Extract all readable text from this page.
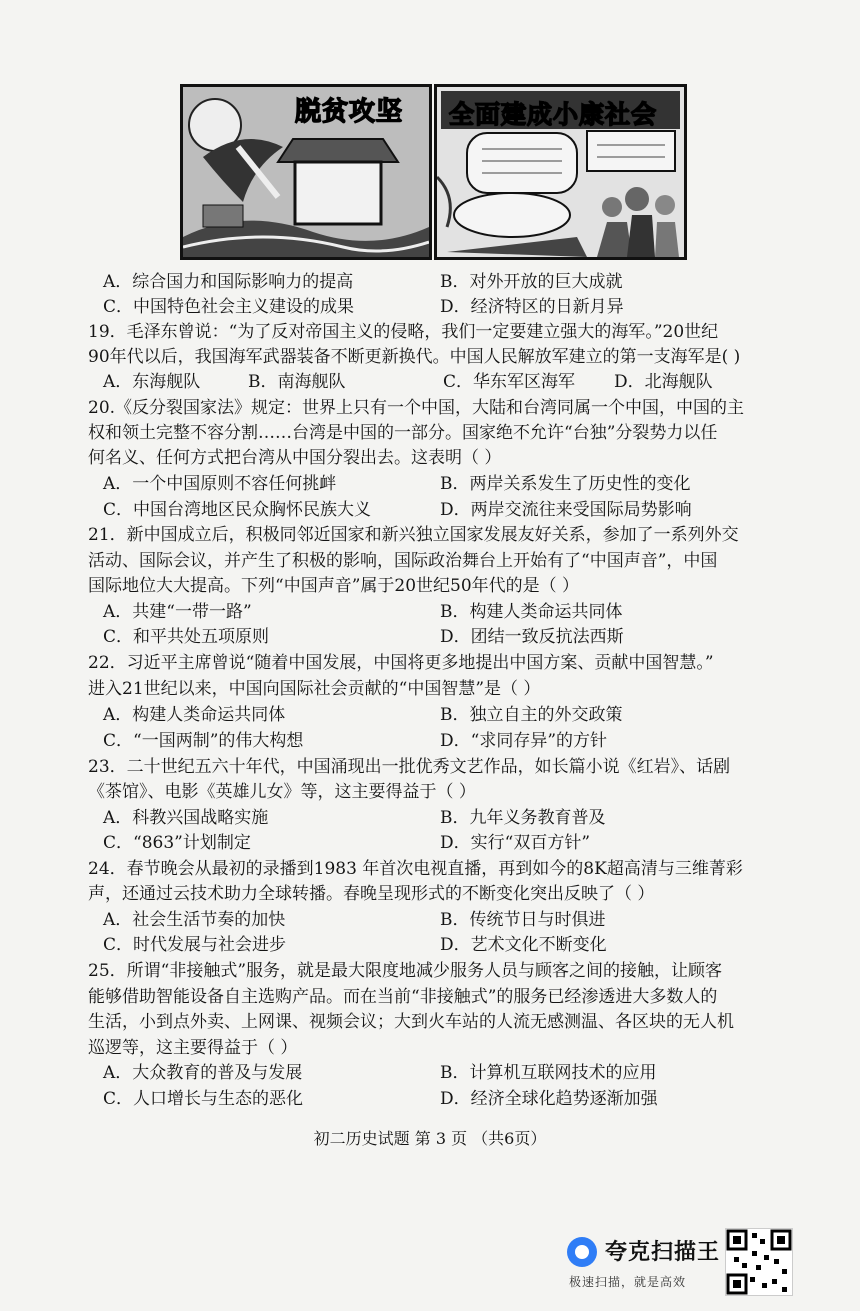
脱贫攻坚 全面建成小康社会
A．综合国力和国际影响力的提高	B．对外开放的巨大成就
C．中国特色社会主义建设的成果	D．经济特区的日新月异
19．毛泽东曾说：“为了反对帝国主义的侵略，我们一定要建立强大的海军。”20世纪
90年代以后，我国海军武器装备不断更新换代。中国人民解放军建立的第一支海军是( )
A．东海舰队	B．南海舰队	C．华东军区海军 D．北海舰队
20.《反分裂国家法》规定：世界上只有一个中国，大陆和台湾同属一个中国，中国的主
权和领土完整不容分割……台湾是中国的一部分。国家绝不允许“台独”分裂势力以任
何名义、任何方式把台湾从中国分裂出去。这表明（ ）
A．一个中国原则不容任何挑衅	B．两岸关系发生了历史性的变化
C．中国台湾地区民众胸怀民族大义	D．两岸交流往来受国际局势影响
21．新中国成立后，积极同邻近国家和新兴独立国家发展友好关系，参加了一系列外交
活动、国际会议，并产生了积极的影响，国际政治舞台上开始有了“中国声音”，中国
国际地位大大提高。下列“中国声音”属于20世纪50年代的是（ ）
A．共建“一带一路”	B．构建人类命运共同体
C．和平共处五项原则	D．团结一致反抗法西斯
22．习近平主席曾说“随着中国发展，中国将更多地提出中国方案、贡献中国智慧。”
进入21世纪以来，中国向国际社会贡献的“中国智慧”是（ ）
A．构建人类命运共同体	B．独立自主的外交政策
C．“一国两制”的伟大构想	D．“求同存异”的方针
23．二十世纪五六十年代，中国涌现出一批优秀文艺作品，如长篇小说《红岩》、话剧
《茶馆》、电影《英雄儿女》等，这主要得益于（ ）
A．科教兴国战略实施	B．九年义务教育普及
C．“863”计划制定	D．实行“双百方针”
24．春节晚会从最初的录播到1983 年首次电视直播，再到如今的8K超高清与三维菁彩
声，还通过云技术助力全球转播。春晚呈现形式的不断变化突出反映了（ ）
A．社会生活节奏的加快	B．传统节日与时俱进
C．时代发展与社会进步	D．艺术文化不断变化
25．所谓“非接触式”服务，就是最大限度地减少服务人员与顾客之间的接触，让顾客
能够借助智能设备自主选购产品。而在当前“非接触式”的服务已经渗透进大多数人的
生活，小到点外卖、上网课、视频会议；大到火车站的人流无感测温、各区块的无人机
巡逻等，这主要得益于（ ）
A．大众教育的普及与发展	B．计算机互联网技术的应用
C．人口增长与生态的恶化	D．经济全球化趋势逐渐加强
初二历史试题 第 3 页 （共6页）
夸克扫描王
极速扫描，就是高效
